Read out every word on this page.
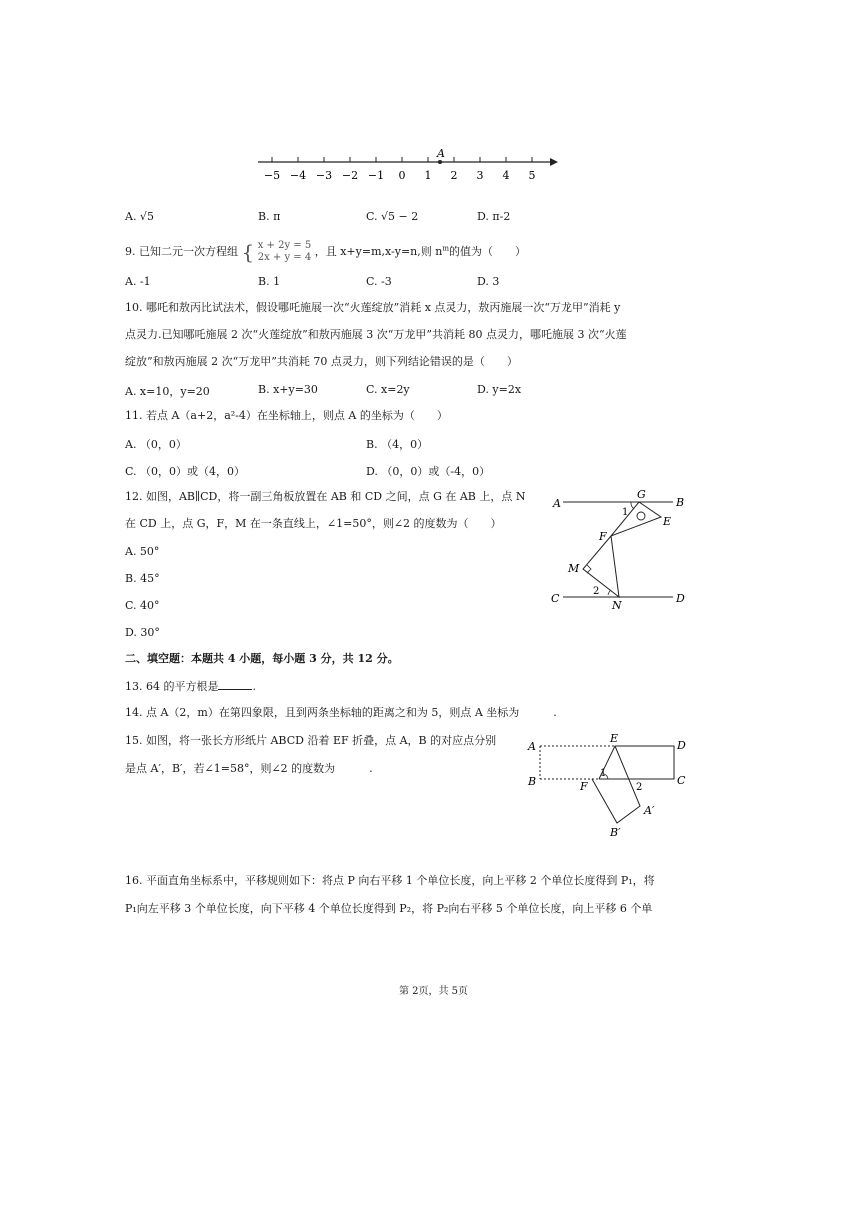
−5 −4 −3 −2 −1 0 1 2 3 4 5
A
A. √5	B. π	C. √5 − 2	D. π-2
9. 已知二元一次方程组 { x + 2y = 5
2x + y = 4 ，且 x+y=m,x-y=n,则 $n^m$的值为（　　）
A. -1	B. 1	C. -3	D. 3
10. 哪吒和敖丙比试法术，假设哪吒施展一次“火莲绽放”消耗 x 点灵力，敖丙施展一次“万龙甲”消耗 y
点灵力.已知哪吒施展 2 次“火莲绽放”和敖丙施展 3 次“万龙甲”共消耗 80 点灵力，哪吒施展 3 次“火莲
绽放”和敖丙施展 2 次“万龙甲”共消耗 70 点灵力，则下列结论错误的是（　　）
A. x=10，y=20	B. x+y=30	C. x=2y	D. y=2x
11. 若点 A（a+2，a²-4）在坐标轴上，则点 A 的坐标为（　　）
A. （0，0）	B. （4，0）
C. （0，0）或（4，0）	D. （0，0）或（-4，0）
12. 如图，AB∥CD，将一副三角板放置在 AB 和 CD 之间，点 G 在 AB 上，点 N
在 CD 上，点 G，F，M 在一条直线上，∠1=50°，则∠2 的度数为（　　）
A. 50°
B. 45°
C. 40°
D. 30°
A	B
G
E
F
M
C	D
N
1
2
二、填空题：本题共 4 小题，每小题 3 分，共 12 分。
13. 64 的平方根是	.
14. 点 A（2，m）在第四象限，且到两条坐标轴的距离之和为 5，则点 A 坐标为	.
15. 如图，将一张长方形纸片 ABCD 沿着 EF 折叠，点 A，B 的对应点分别
是点 A′，B′，若∠1=58°，则∠2 的度数为	.
A
B
E
D
C
F
A′
B′
1
2
16. 平面直角坐标系中，平移规则如下：将点 P 向右平移 1 个单位长度，向上平移 2 个单位长度得到 P₁，将
P₁向左平移 3 个单位长度，向下平移 4 个单位长度得到 P₂，将 P₂向右平移 5 个单位长度，向上平移 6 个单
第 2页，共 5页
